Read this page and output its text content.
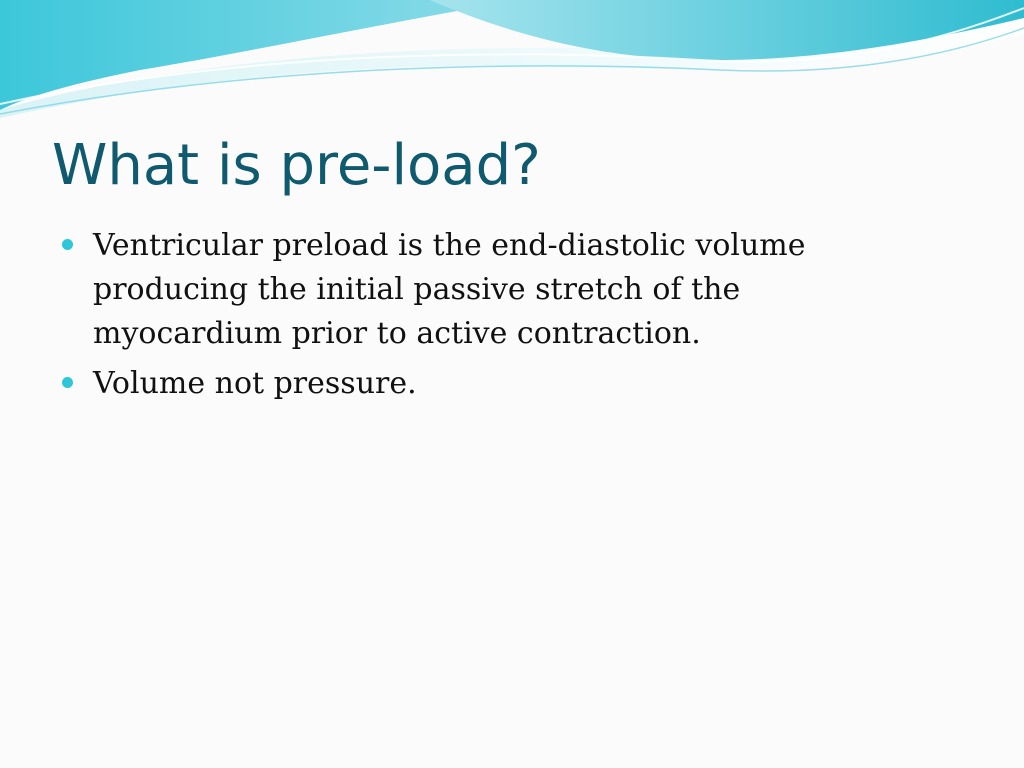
What is pre-load?
Ventricular preload is the end-diastolic volume producing the initial passive stretch of the myocardium prior to active contraction.
Volume not pressure.
